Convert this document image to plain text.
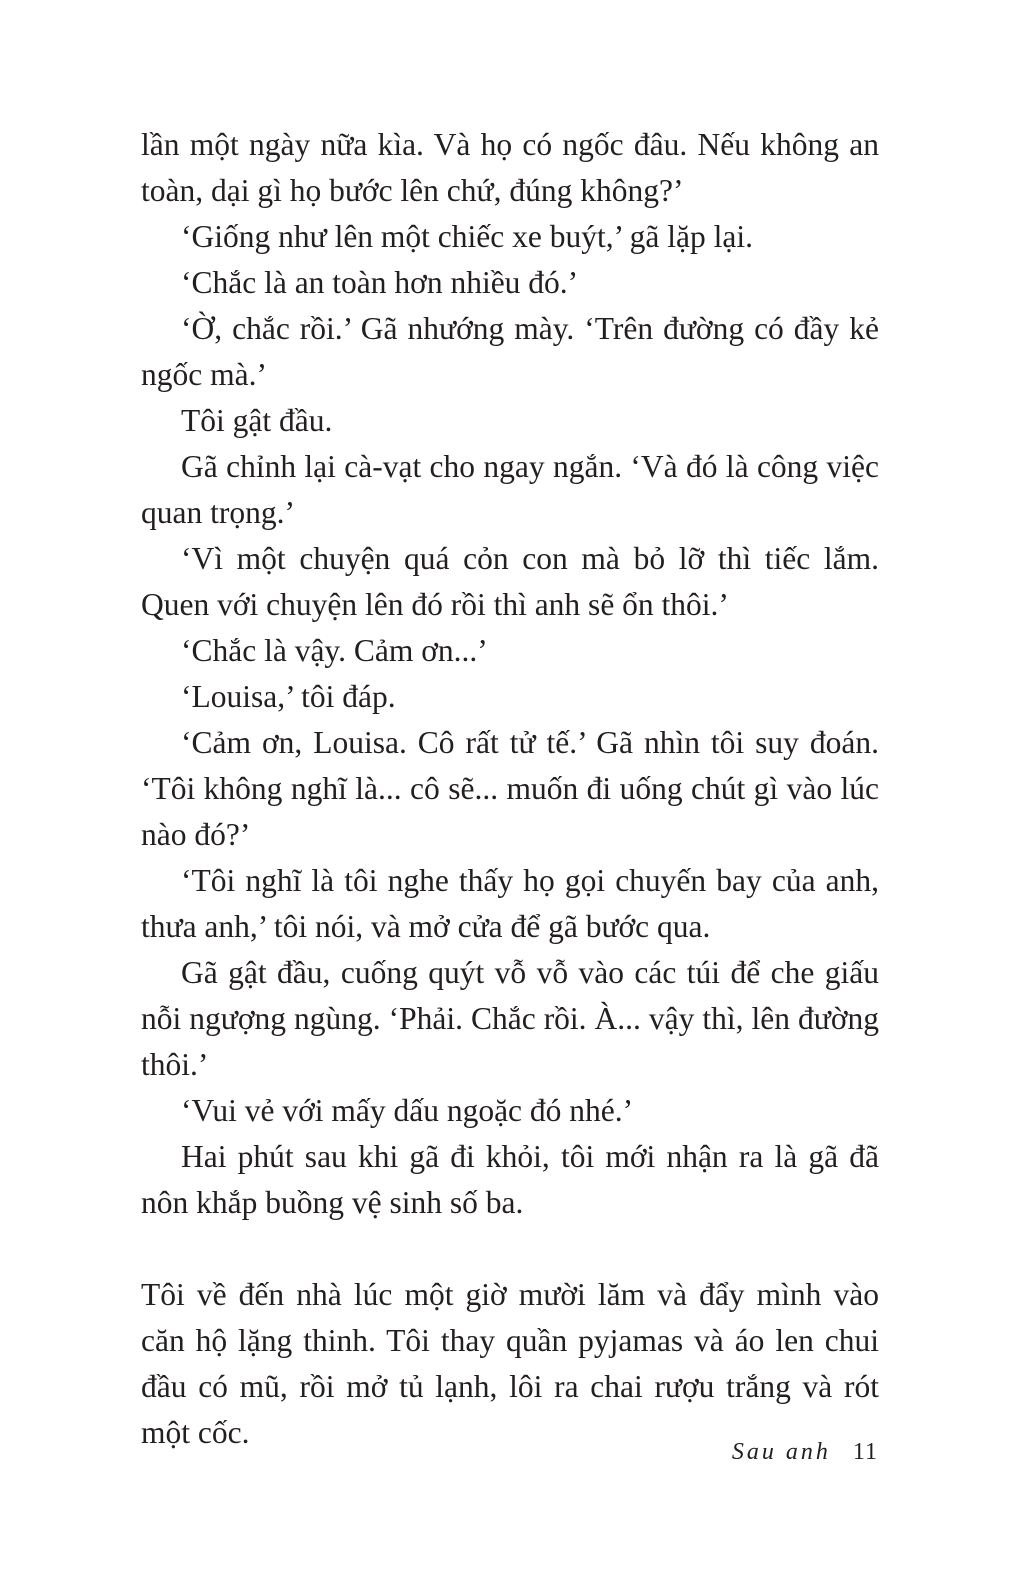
lần một ngày nữa kìa. Và họ có ngốc đâu. Nếu không an toàn, dại gì họ bước lên chứ, đúng không?’

‘Giống như lên một chiếc xe buýt,’ gã lặp lại.

‘Chắc là an toàn hơn nhiều đó.’

‘Ờ, chắc rồi.’ Gã nhướng mày. ‘Trên đường có đầy kẻ ngốc mà.’

Tôi gật đầu.

Gã chỉnh lại cà-vạt cho ngay ngắn. ‘Và đó là công việc quan trọng.’

‘Vì một chuyện quá cỏn con mà bỏ lỡ thì tiếc lắm. Quen với chuyện lên đó rồi thì anh sẽ ổn thôi.’

‘Chắc là vậy. Cảm ơn...’

‘Louisa,’ tôi đáp.

‘Cảm ơn, Louisa. Cô rất tử tế.’ Gã nhìn tôi suy đoán. ‘Tôi không nghĩ là... cô sẽ... muốn đi uống chút gì vào lúc nào đó?’

‘Tôi nghĩ là tôi nghe thấy họ gọi chuyến bay của anh, thưa anh,’ tôi nói, và mở cửa để gã bước qua.

Gã gật đầu, cuống quýt vỗ vỗ vào các túi để che giấu nỗi ngượng ngùng. ‘Phải. Chắc rồi. À... vậy thì, lên đường thôi.’

‘Vui vẻ với mấy dấu ngoặc đó nhé.’

Hai phút sau khi gã đi khỏi, tôi mới nhận ra là gã đã nôn khắp buồng vệ sinh số ba.

Tôi về đến nhà lúc một giờ mười lăm và đẩy mình vào căn hộ lặng thinh. Tôi thay quần pyjamas và áo len chui đầu có mũ, rồi mở tủ lạnh, lôi ra chai rượu trắng và rót một cốc.

Sau anh 11
